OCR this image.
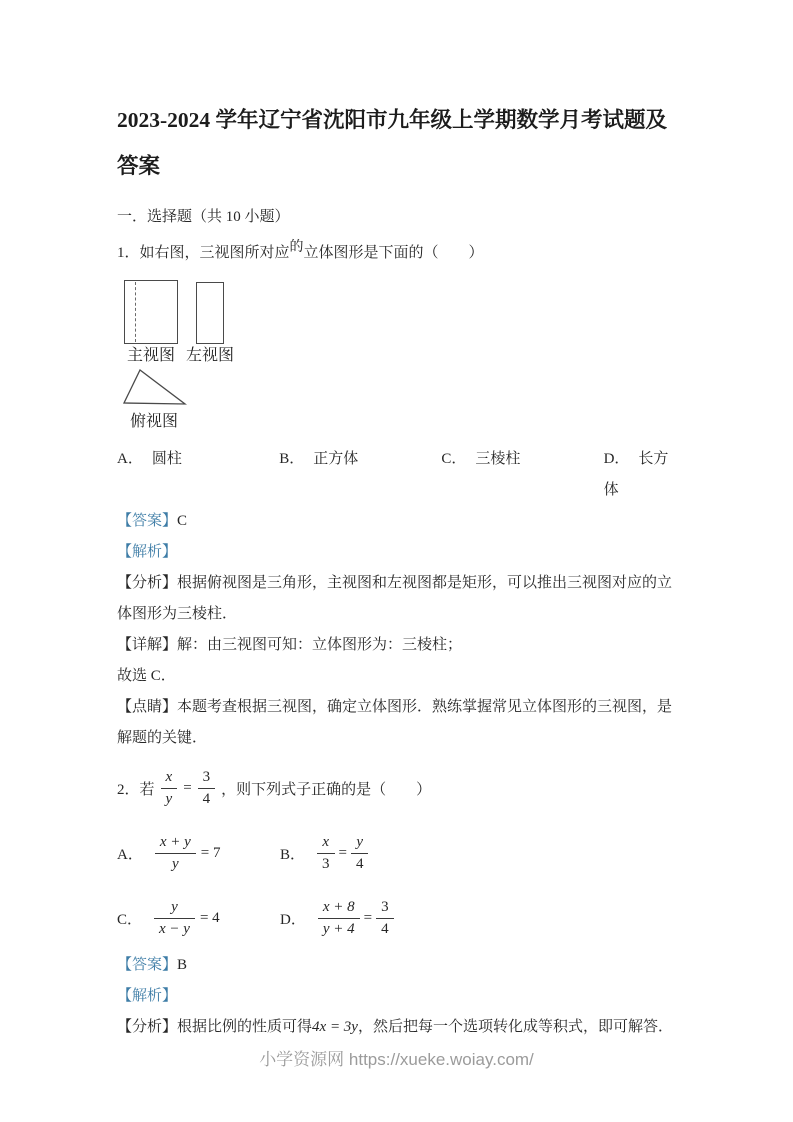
2023-2024 学年辽宁省沈阳市九年级上学期数学月考试题及
答案
一．选择题（共 10 小题）
1．如右图，三视图所对应的立体图形是下面的（　　）
主视图 左视图
俯视图
A． 圆柱	B． 正方体	C． 三棱柱	D． 长方体
【答案】C
【解析】
【分析】根据俯视图是三角形，主视图和左视图都是矩形，可以推出三视图对应的立体图形为三棱柱．
【详解】解：由三视图可知：立体图形为：三棱柱；
故选 C．
【点睛】本题考查根据三视图，确定立体图形．熟练掌握常见立体图形的三视图，是解题的关键．
2． 若 $\frac{x}{y} = \frac{3}{4}$ ，则下列式子正确的是（　　）
A． $\frac{x + y}{y} = 7$	B． $\frac{x}{3} = \frac{y}{4}$
C． $\frac{y}{x - y} = 4$	D． $\frac{x + 8}{y + 4} = \frac{3}{4}$
【答案】B
【解析】
【分析】根据比例的性质可得4x = 3y，然后把每一个选项转化成等积式，即可解答．
小学资源网 https://xueke.woiay.com/
